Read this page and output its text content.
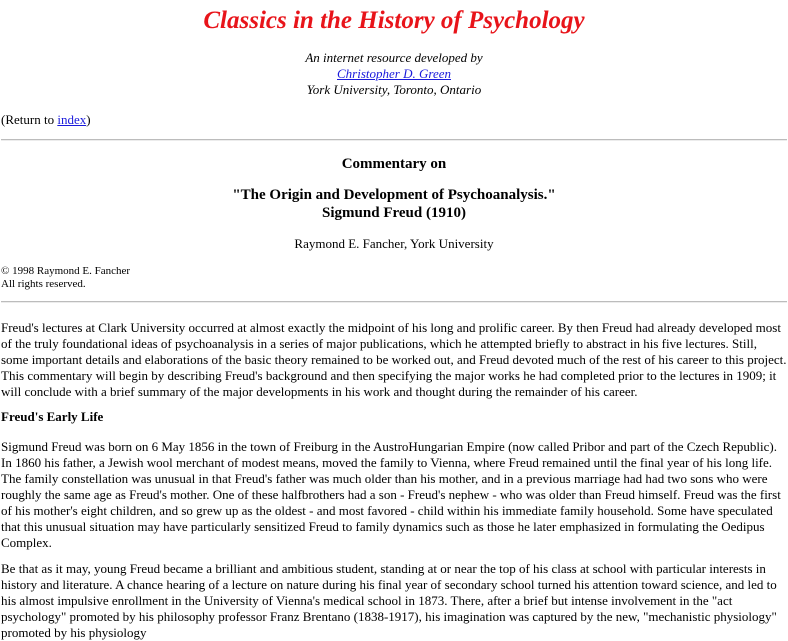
Classics in the History of Psychology
An internet resource developed by
Christopher D. Green
York University, Toronto, Ontario
(Return to index)
Commentary on
"The Origin and Development of Psychoanalysis."
Sigmund Freud (1910)
Raymond E. Fancher, York University
© 1998 Raymond E. Fancher
All rights reserved.

Freud's lectures at Clark University occurred at almost exactly the midpoint of his long and prolific career. By then Freud had already developed most of the truly foundational ideas of psychoanalysis in a series of major publications, which he attempted briefly to abstract in his five lectures. Still, some important details and elaborations of the basic theory remained to be worked out, and Freud devoted much of the rest of his career to this project. This commentary will begin by describing Freud's background and then specifying the major works he had completed prior to the lectures in 1909; it will conclude with a brief summary of the major developments in his work and thought during the remainder of his career.

Freud's Early Life

Sigmund Freud was born on 6 May 1856 in the town of Freiburg in the AustroHungarian Empire (now called Pribor and part of the Czech Republic). In 1860 his father, a Jewish wool merchant of modest means, moved the family to Vienna, where Freud remained until the final year of his long life. The family constellation was unusual in that Freud's father was much older than his mother, and in a previous marriage had had two sons who were roughly the same age as Freud's mother. One of these halfbrothers had a son - Freud's nephew - who was older than Freud himself. Freud was the first of his mother's eight children, and so grew up as the oldest - and most favored - child within his immediate family household. Some have speculated that this unusual situation may have particularly sensitized Freud to family dynamics such as those he later emphasized in formulating the Oedipus Complex.

Be that as it may, young Freud became a brilliant and ambitious student, standing at or near the top of his class at school with particular interests in history and literature. A chance hearing of a lecture on nature during his final year of secondary school turned his attention toward science, and led to his almost impulsive enrollment in the University of Vienna's medical school in 1873. There, after a brief but intense involvement in the "act psychology" promoted by his philosophy professor Franz Brentano (1838-1917), his imagination was captured by the new, "mechanistic physiology" promoted by his physiology
